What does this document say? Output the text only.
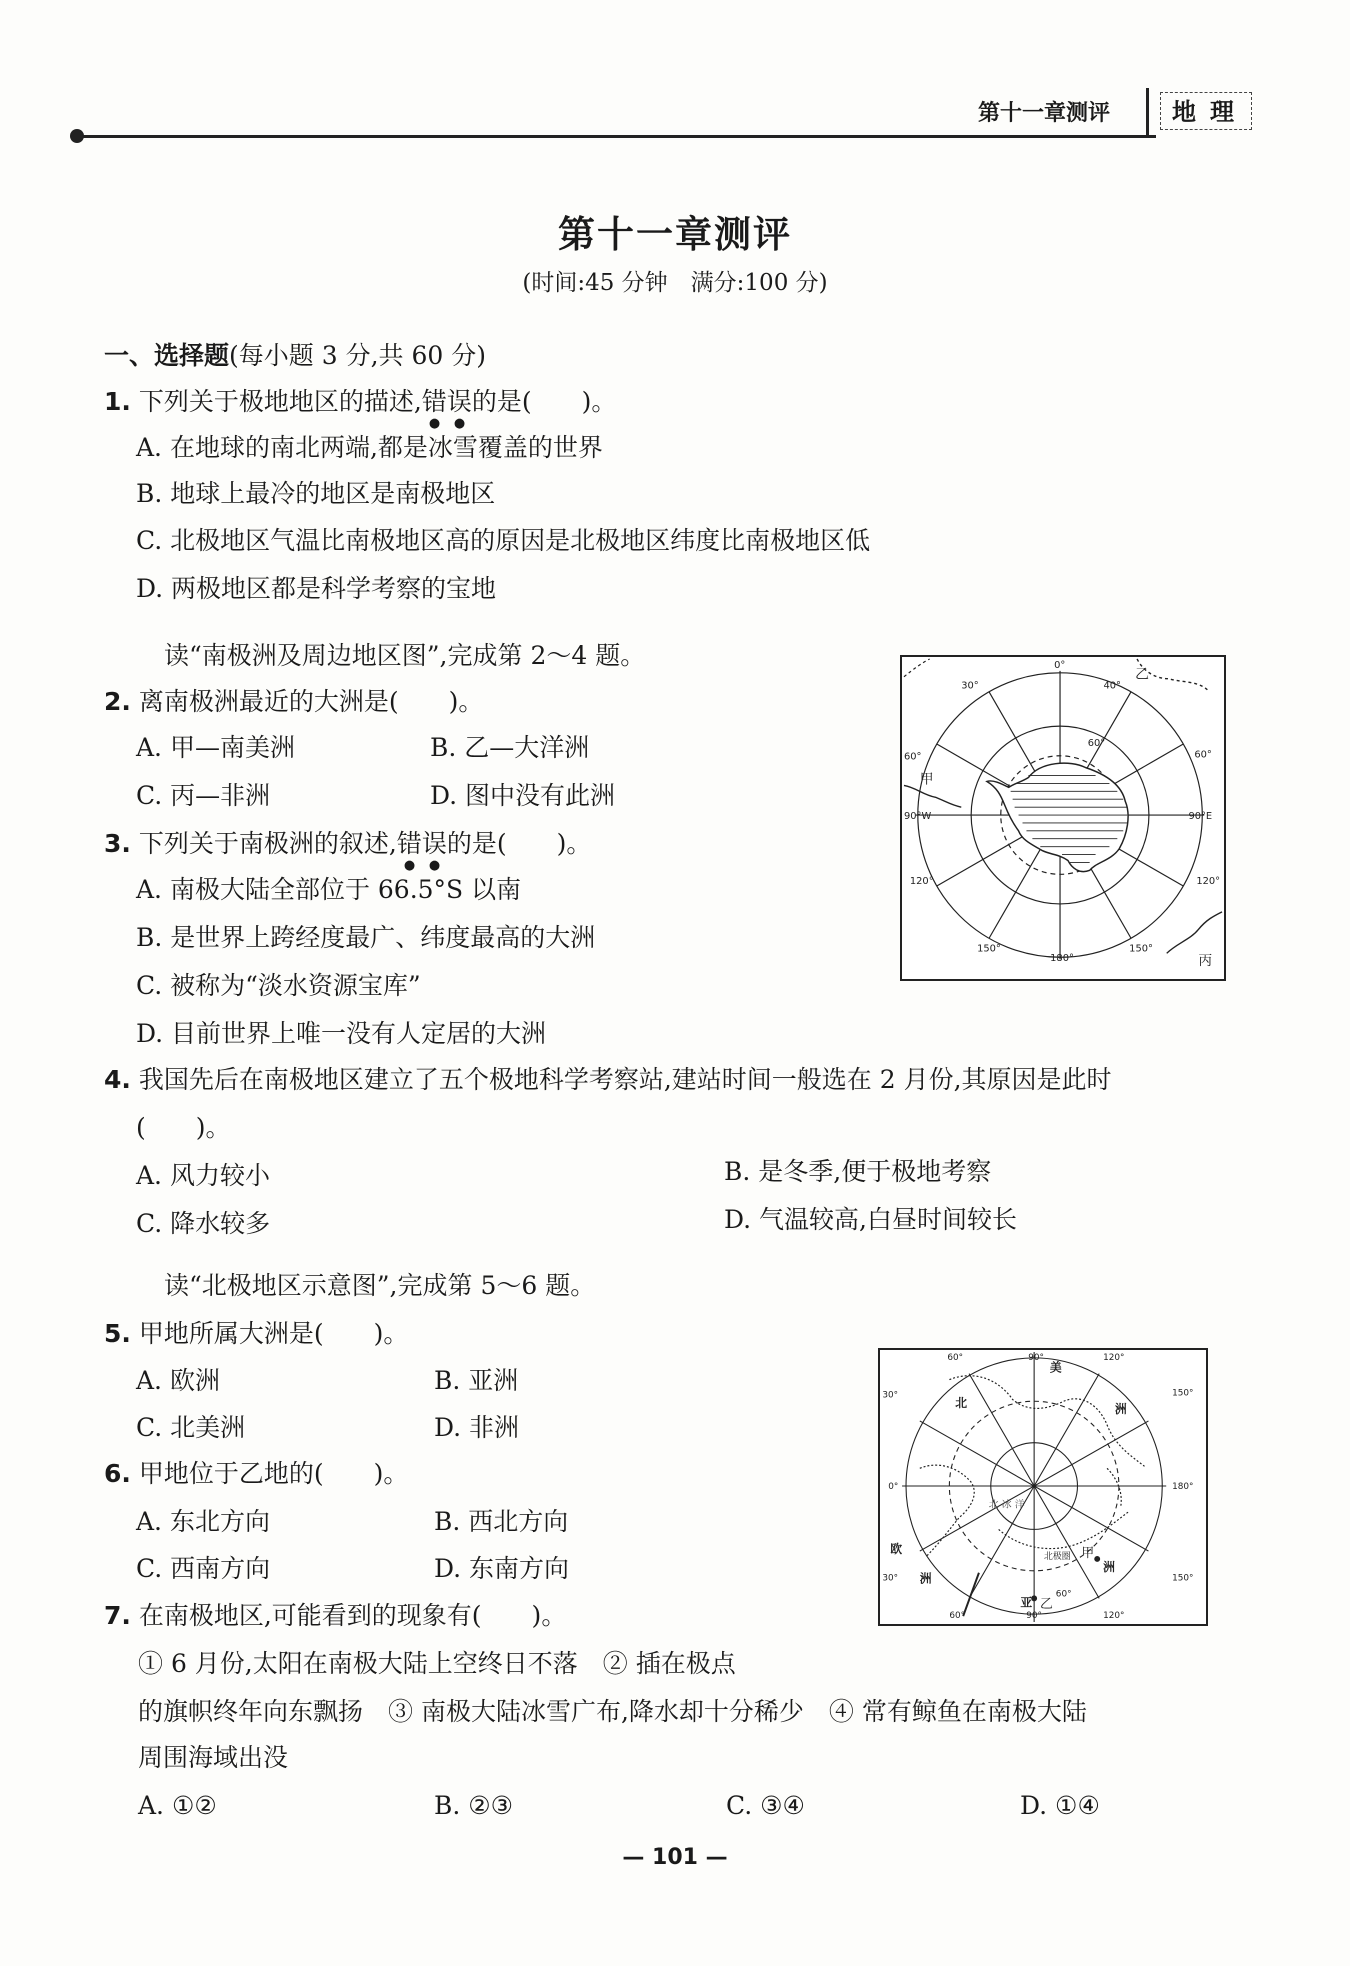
第十一章测评	地理
第十一章测评
(时间:45 分钟　满分:100 分)
一、选择题(每小题 3 分,共 60 分)
1. 下列关于极地地区的描述,错误的是(　　)。
A. 在地球的南北两端,都是冰雪覆盖的世界
B. 地球上最冷的地区是南极地区
C. 北极地区气温比南极地区高的原因是北极地区纬度比南极地区低
D. 两极地区都是科学考察的宝地
读“南极洲及周边地区图”,完成第 2～4 题。
2. 离南极洲最近的大洲是(　　)。
A. 甲—南美洲	B. 乙—大洋洲
C. 丙—非洲	D. 图中没有此洲
3. 下列关于南极洲的叙述,错误的是(　　)。
A. 南极大陆全部位于 66.5°S 以南
B. 是世界上跨经度最广、纬度最高的大洲
C. 被称为“淡水资源宝库”
D. 目前世界上唯一没有人定居的大洲
4. 我国先后在南极地区建立了五个极地科学考察站,建站时间一般选在 2 月份,其原因是此时
(　　)。
A. 风力较小	B. 是冬季,便于极地考察
C. 降水较多	D. 气温较高,白昼时间较长
读“北极地区示意图”,完成第 5～6 题。
5. 甲地所属大洲是(　　)。
A. 欧洲	B. 亚洲
C. 北美洲	D. 非洲
6. 甲地位于乙地的(　　)。
A. 东北方向	B. 西北方向
C. 西南方向	D. 东南方向
7. 在南极地区,可能看到的现象有(　　)。
① 6 月份,太阳在南极大陆上空终日不落　② 插在极点
的旗帜终年向东飘扬　③ 南极大陆冰雪广布,降水却十分稀少　④ 常有鲸鱼在南极大陆
周围海域出没
A. ①②	B. ②③	C. ③④	D. ①④
0°
30°	40°
60°
60°
60°
90°W	90°E
120°	120°
150°
180°
150°
甲
乙
丙
60°	90°	120°
30°
0°
30°
150°
180°
150°
60°	90°	120°
60°
北极圈
美
洲
北
欧
洲
亚
洲
甲
乙
北 冰 洋
— 101 —
